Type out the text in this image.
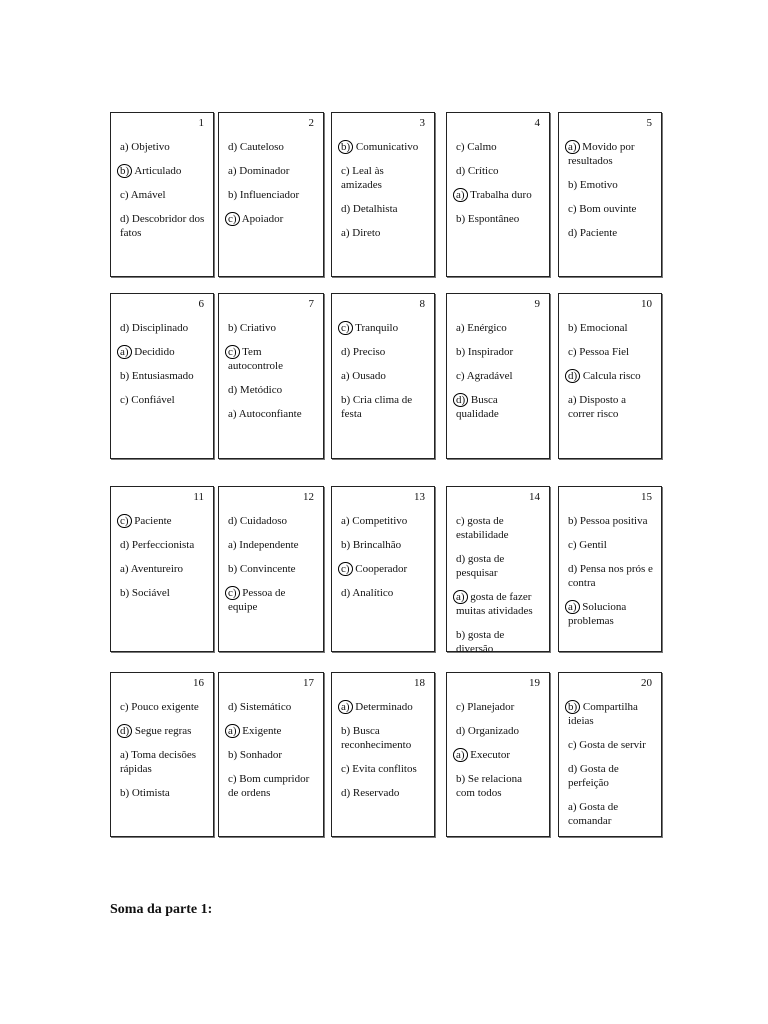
1
a) Objetivo
b) Articulado
c) Amável
d) Descobridor dos fatos
2
d) Cauteloso
a) Dominador
b) Influenciador
c) Apoiador
3
b) Comunicativo
c) Leal às amizades
d) Detalhista
a) Direto
4
c) Calmo
d) Crítico
a) Trabalha duro
b) Espontâneo
5
a) Movido por resultados
b) Emotivo
c) Bom ouvinte
d) Paciente
6
d) Disciplinado
a) Decidido
b) Entusiasmado
c) Confiável
7
b) Criativo
c) Tem autocontrole
d) Metódico
a) Autoconfiante
8
c) Tranquilo
d) Preciso
a) Ousado
b) Cria clima de festa
9
a) Enérgico
b) Inspirador
c) Agradável
d) Busca qualidade
10
b) Emocional
c) Pessoa Fiel
d) Calcula risco
a) Disposto a correr risco
11
c) Paciente
d) Perfeccionista
a) Aventureiro
b) Sociável
12
d) Cuidadoso
a) Independente
b) Convincente
c) Pessoa de equipe
13
a) Competitivo
b) Brincalhão
c) Cooperador
d) Analítico
14
c) gosta de estabilidade
d) gosta de pesquisar
a) gosta de fazer muitas atividades
b) gosta de diversão
15
b) Pessoa positiva
c) Gentil
d) Pensa nos prós e contra
a) Soluciona problemas
16
c) Pouco exigente
d) Segue regras
a) Toma decisões rápidas
b) Otimista
17
d) Sistemático
a) Exigente
b) Sonhador
c) Bom cumpridor de ordens
18
a) Determinado
b) Busca reconhecimento
c) Evita conflitos
d) Reservado
19
c) Planejador
d) Organizado
a) Executor
b) Se relaciona com todos
20
b) Compartilha ideias
c) Gosta de servir
d) Gosta de perfeição
a) Gosta de comandar
Soma da parte 1:
